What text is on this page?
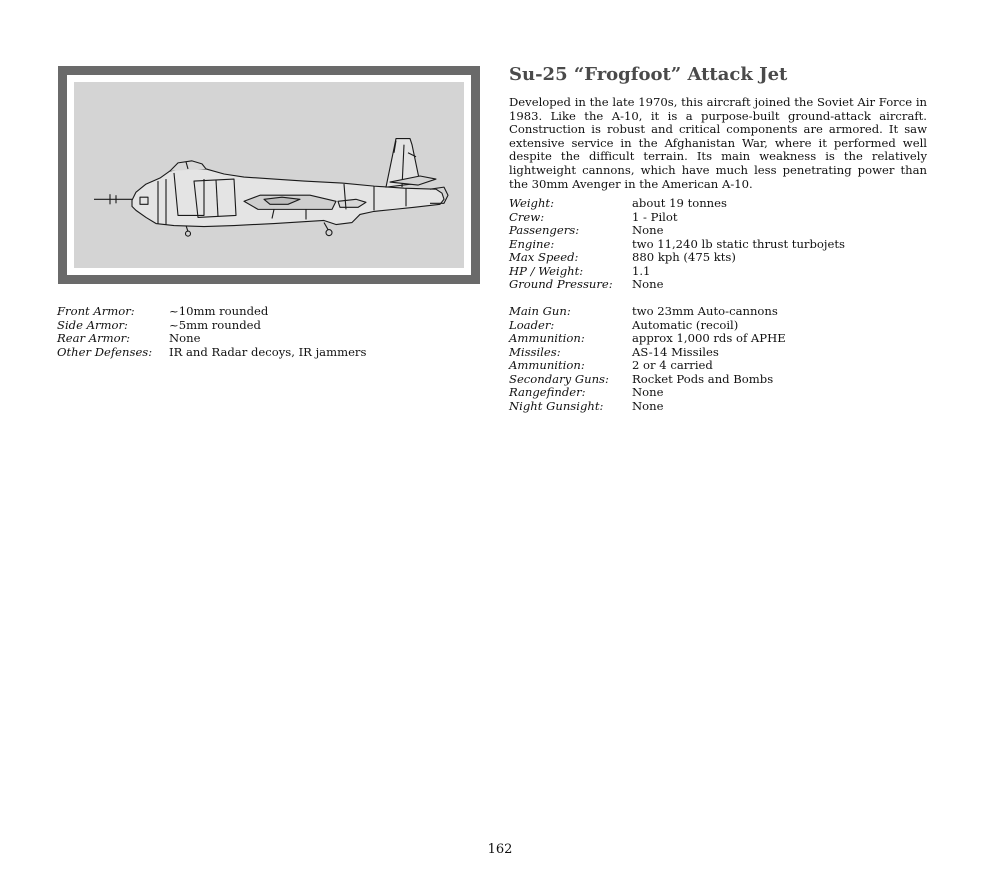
Su-25 “Frogfoot” Attack Jet

Developed in the late 1970s, this aircraft joined the Soviet Air Force in 1983. Like the A-10, it is a purpose-built ground-attack aircraft. Construction is robust and critical components are armored. It saw extensive service in the Afghanistan War, where it performed well despite the difficult terrain. Its main weakness is the relatively lightweight cannons, which have much less penetrating power than the 30mm Avenger in the American A-10.

Front Armor:	~10mm rounded
Side Armor:	~5mm rounded
Rear Armor:	None
Other Defenses:	IR and Radar decoys, IR jammers
Weight:	about 19 tonnes
Crew:	1 - Pilot
Passengers:	None
Engine:	two 11,240 lb static thrust turbojets
Max Speed:	880 kph (475 kts)
HP / Weight:	1.1
Ground Pressure:	None
Main Gun:	two 23mm Auto-cannons
Loader:	Automatic (recoil)
Ammunition:	approx 1,000 rds of APHE
Missiles:	AS-14 Missiles
Ammunition:	2 or 4 carried
Secondary Guns:	Rocket Pods and Bombs
Rangefinder:	None
Night Gunsight:	None
162
